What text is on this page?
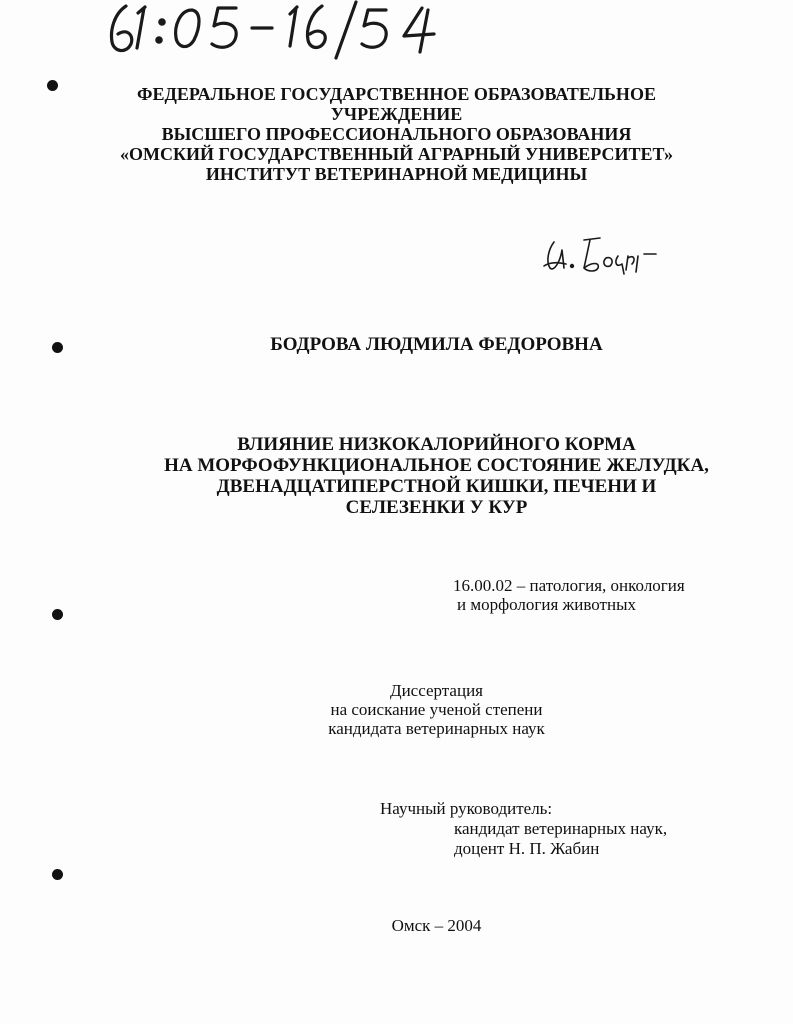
ФЕДЕРАЛЬНОЕ ГОСУДАРСТВЕННОЕ ОБРАЗОВАТЕЛЬНОЕ
УЧРЕЖДЕНИЕ
ВЫСШЕГО ПРОФЕССИОНАЛЬНОГО ОБРАЗОВАНИЯ
«ОМСКИЙ ГОСУДАРСТВЕННЫЙ АГРАРНЫЙ УНИВЕРСИТЕТ»
ИНСТИТУТ ВЕТЕРИНАРНОЙ МЕДИЦИНЫ
БОДРОВА ЛЮДМИЛА ФЕДОРОВНА
ВЛИЯНИЕ НИЗКОКАЛОРИЙНОГО КОРМА
НА МОРФОФУНКЦИОНАЛЬНОЕ СОСТОЯНИЕ ЖЕЛУДКА,
ДВЕНАДЦАТИПЕРСТНОЙ КИШКИ, ПЕЧЕНИ И
СЕЛЕЗЕНКИ У КУР
16.00.02 – патология, онкология
и морфология животных
Диссертация
на соискание ученой степени
кандидата ветеринарных наук
Научный руководитель:
кандидат ветеринарных наук,
доцент Н. П. Жабин
Омск – 2004
